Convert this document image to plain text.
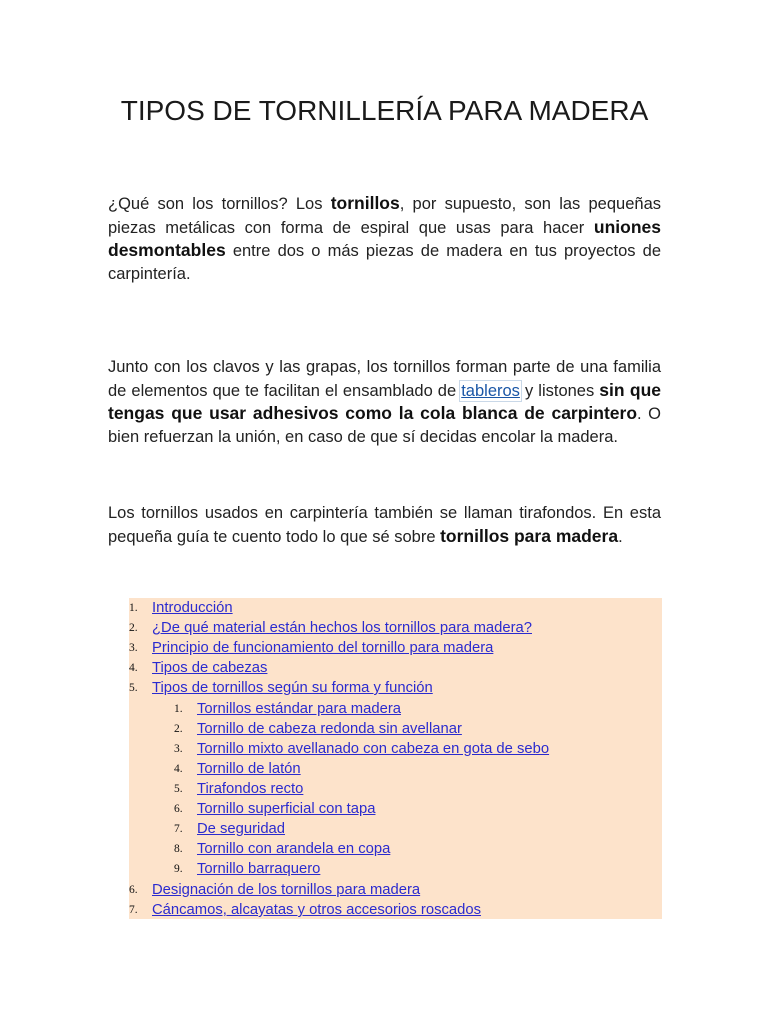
TIPOS DE TORNILLERÍA PARA MADERA

¿Qué son los tornillos? Los tornillos, por supuesto, son las pequeñas piezas metálicas con forma de espiral que usas para hacer uniones desmontables entre dos o más piezas de madera en tus proyectos de carpintería.

Junto con los clavos y las grapas, los tornillos forman parte de una familia de elementos que te facilitan el ensamblado de tableros y listones sin que tengas que usar adhesivos como la cola blanca de carpintero. O bien refuerzan la unión, en caso de que sí decidas encolar la madera.

Los tornillos usados en carpintería también se llaman tirafondos. En esta pequeña guía te cuento todo lo que sé sobre tornillos para madera.

1. Introducción
2. ¿De qué material están hechos los tornillos para madera?
3. Principio de funcionamiento del tornillo para madera
4. Tipos de cabezas
5. Tipos de tornillos según su forma y función
1. Tornillos estándar para madera
2. Tornillo de cabeza redonda sin avellanar
3. Tornillo mixto avellanado con cabeza en gota de sebo
4. Tornillo de latón
5. Tirafondos recto
6. Tornillo superficial con tapa
7. De seguridad
8. Tornillo con arandela en copa
9. Tornillo barraquero
6. Designación de los tornillos para madera
7. Cáncamos, alcayatas y otros accesorios roscados
